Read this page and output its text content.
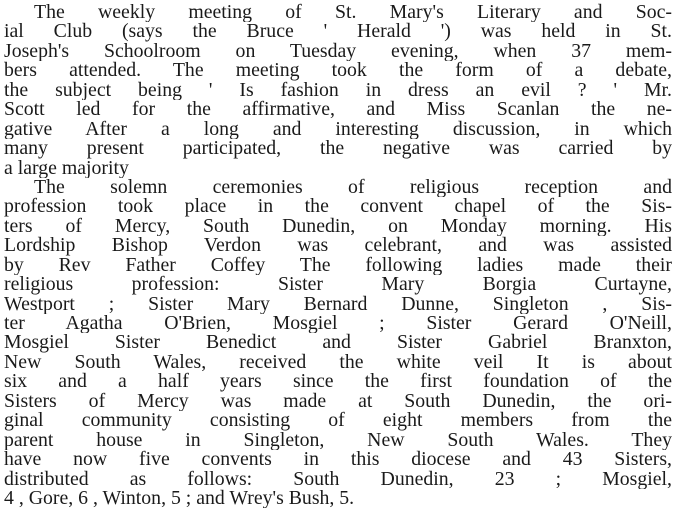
The weekly meeting of St. Mary's Literary and Soc-
ial Club (says the Bruce ' Herald ') was held in St.
Joseph's Schoolroom on Tuesday evening, when 37 mem-
bers attended. The meeting took the form of a debate,
the subject being ' Is fashion in dress an evil ? ' Mr.
Scott led for the affirmative, and Miss Scanlan the ne-
gative After a long and interesting discussion, in which
many present participated, the negative was carried by
a large majority
The solemn ceremonies of religious reception and
profession took place in the convent chapel of the Sis-
ters of Mercy, South Dunedin, on Monday morning. His
Lordship Bishop Verdon was celebrant, and was assisted
by Rev Father Coffey The following ladies made their
religious profession: Sister Mary Borgia Curtayne,
Westport ; Sister Mary Bernard Dunne, Singleton , Sis-
ter Agatha O'Brien, Mosgiel ; Sister Gerard O'Neill,
Mosgiel Sister Benedict and Sister Gabriel Branxton,
New South Wales, received the white veil It is about
six and a half years since the first foundation of the
Sisters of Mercy was made at South Dunedin, the ori-
ginal community consisting of eight members from the
parent house in Singleton, New South Wales. They
have now five convents in this diocese and 43 Sisters,
distributed as follows: South Dunedin, 23 ; Mosgiel,
4 , Gore, 6 , Winton, 5 ; and Wrey's Bush, 5.
